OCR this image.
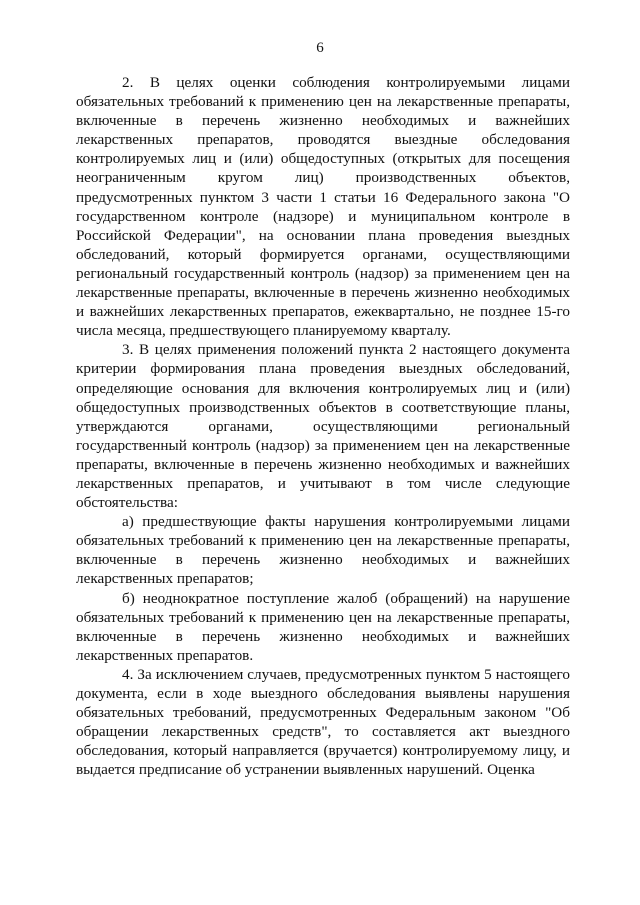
6

2. В целях оценки соблюдения контролируемыми лицами обязательных требований к применению цен на лекарственные препараты, включенные в перечень жизненно необходимых и важнейших лекарственных препаратов, проводятся выездные обследования контролируемых лиц и (или) общедоступных (открытых для посещения неограниченным кругом лиц) производственных объектов, предусмотренных пунктом 3 части 1 статьи 16 Федерального закона "О государственном контроле (надзоре) и муниципальном контроле в Российской Федерации", на основании плана проведения выездных обследований, который формируется органами, осуществляющими региональный государственный контроль (надзор) за применением цен на лекарственные препараты, включенные в перечень жизненно необходимых и важнейших лекарственных препаратов, ежеквартально, не позднее 15-го числа месяца, предшествующего планируемому кварталу.

3. В целях применения положений пункта 2 настоящего документа критерии формирования плана проведения выездных обследований, определяющие основания для включения контролируемых лиц и (или) общедоступных производственных объектов в соответствующие планы, утверждаются органами, осуществляющими региональный государственный контроль (надзор) за применением цен на лекарственные препараты, включенные в перечень жизненно необходимых и важнейших лекарственных препаратов, и учитывают в том числе следующие обстоятельства:

а) предшествующие факты нарушения контролируемыми лицами обязательных требований к применению цен на лекарственные препараты, включенные в перечень жизненно необходимых и важнейших лекарственных препаратов;

б) неоднократное поступление жалоб (обращений) на нарушение обязательных требований к применению цен на лекарственные препараты, включенные в перечень жизненно необходимых и важнейших лекарственных препаратов.

4. За исключением случаев, предусмотренных пунктом 5 настоящего документа, если в ходе выездного обследования выявлены нарушения обязательных требований, предусмотренных Федеральным законом "Об обращении лекарственных средств", то составляется акт выездного обследования, который направляется (вручается) контролируемому лицу, и выдается предписание об устранении выявленных нарушений. Оценка
